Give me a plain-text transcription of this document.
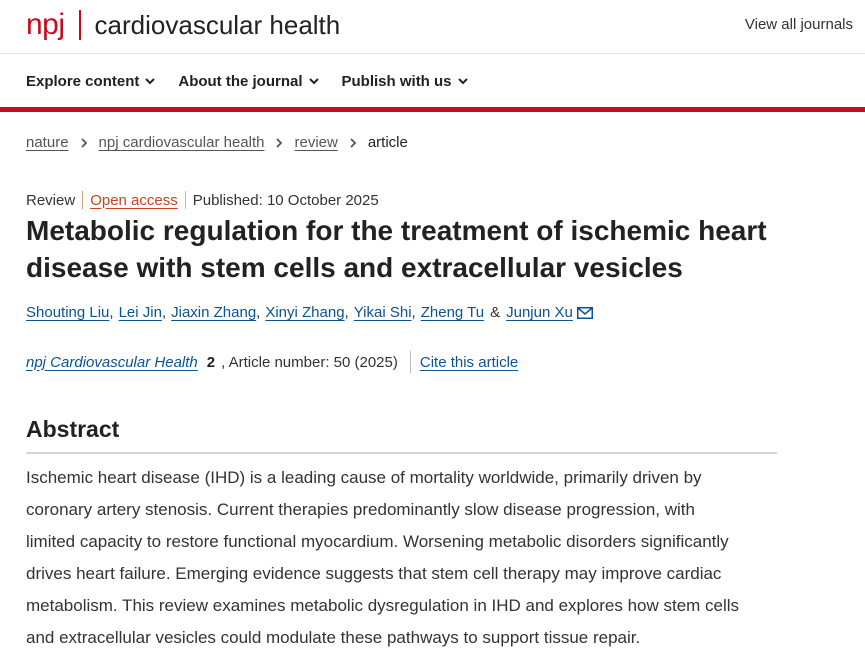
npj cardiovascular health	View all journals
Explore content	About the journal	Publish with us
nature npj cardiovascular health review article
Review Open access Published: 10 October 2025
Metabolic regulation for the treatment of ischemic heart disease with stem cells and extracellular vesicles
Shouting Liu , Lei Jin , Jiaxin Zhang , Xinyi Zhang , Yikai Shi , Zheng Tu & Junjun Xu
npj Cardiovascular Health 2 , Article number: 50 (2025) Cite this article
Abstract
Ischemic heart disease (IHD) is a leading cause of mortality worldwide, primarily driven by
coronary artery stenosis. Current therapies predominantly slow disease progression, with
limited capacity to restore functional myocardium. Worsening metabolic disorders significantly
drives heart failure. Emerging evidence suggests that stem cell therapy may improve cardiac
metabolism. This review examines metabolic dysregulation in IHD and explores how stem cells
and extracellular vesicles could modulate these pathways to support tissue repair.
